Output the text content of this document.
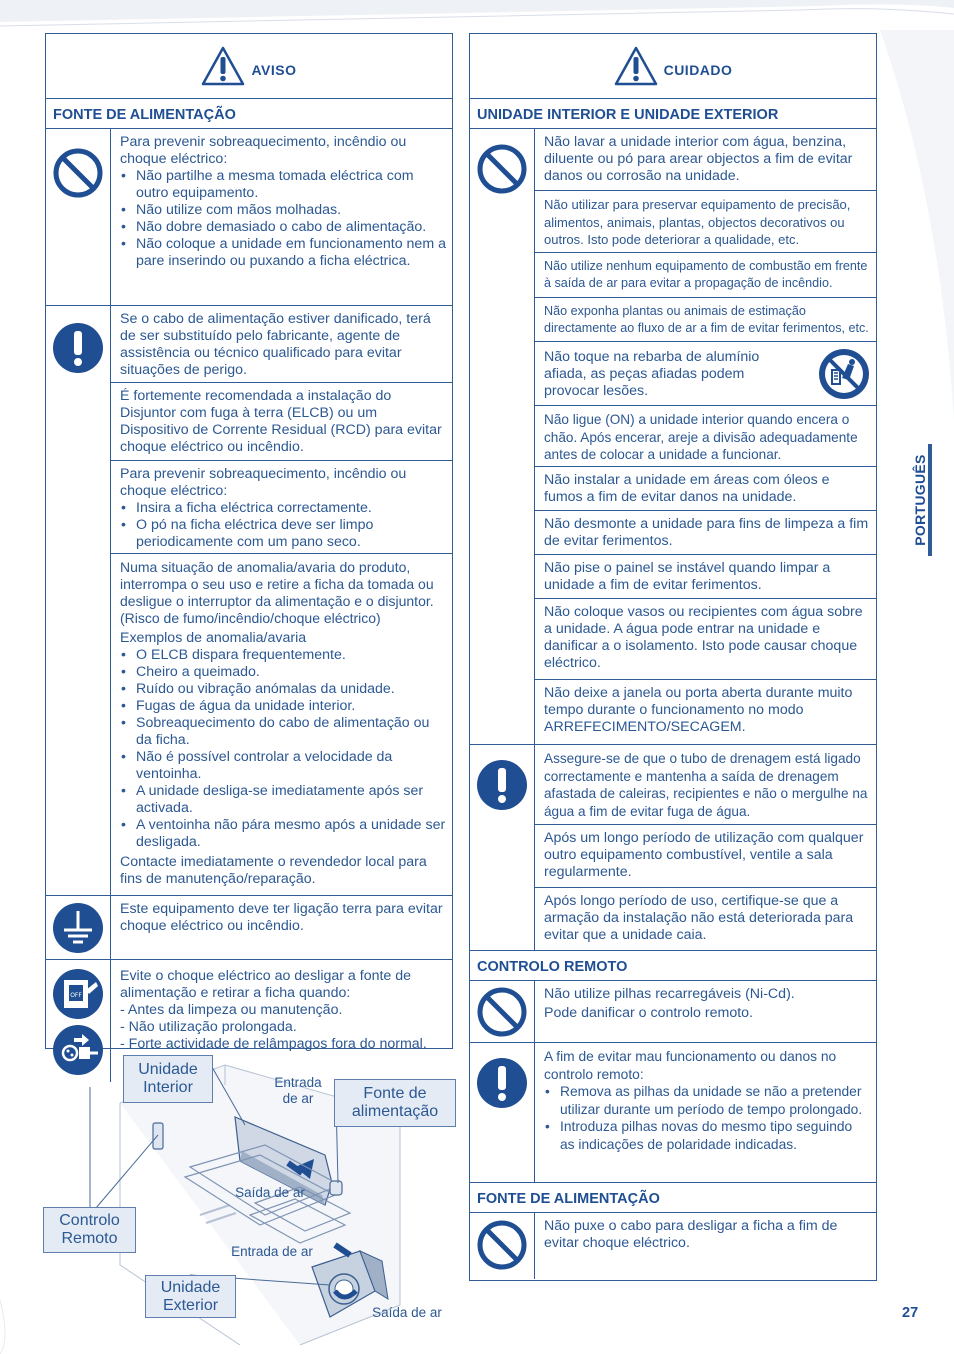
AVISO
FONTE DE ALIMENTAÇÃO

Para prevenir sobreaquecimento, incêndio ou choque eléctrico:

• Não partilhe a mesma tomada eléctrica com outro equipamento.
• Não utilize com mãos molhadas.
• Não dobre demasiado o cabo de alimentação.
• Não coloque a unidade em funcionamento nem a pare inserindo ou puxando a ficha eléctrica.

Se o cabo de alimentação estiver danificado, terá de ser substituído pelo fabricante, agente de assistência ou técnico qualificado para evitar situações de perigo.

É fortemente recomendada a instalação do Disjuntor com fuga à terra (ELCB) ou um Dispositivo de Corrente Residual (RCD) para evitar choque eléctrico ou incêndio.

Para prevenir sobreaquecimento, incêndio ou choque eléctrico:

• Insira a ficha eléctrica correctamente.
• O pó na ficha eléctrica deve ser limpo periodicamente com um pano seco.

Numa situação de anomalia/avaria do produto, interrompa o seu uso e retire a ficha da tomada ou desligue o interruptor da alimentação e o disjuntor. (Risco de fumo/incêndio/choque eléctrico)

Exemplos de anomalia/avaria

• O ELCB dispara frequentemente.
• Cheiro a queimado.
• Ruído ou vibração anómalas da unidade.
• Fugas de água da unidade interior.
• Sobreaquecimento do cabo de alimentação ou da ficha.
• Não é possível controlar a velocidade da ventoinha.
• A unidade desliga-se imediatamente após ser activada.
• A ventoinha não pára mesmo após a unidade ser desligada.

Contacte imediatamente o revendedor local para fins de manutenção/reparação.

Este equipamento deve ter ligação terra para evitar choque eléctrico ou incêndio.

OFF

Evite o choque eléctrico ao desligar a fonte de alimentação e retirar a ficha quando:

- Antes da limpeza ou manutenção.

- Não utilização prolongada.

- Forte actividade de relâmpagos fora do normal.

CUIDADO
UNIDADE INTERIOR E UNIDADE EXTERIOR

Não lavar a unidade interior com água, benzina, diluente ou pó para arear objectos a fim de evitar danos ou corrosão na unidade.

Não utilizar para preservar equipamento de precisão, alimentos, animais, plantas, objectos decorativos ou outros. Isto pode deteriorar a qualidade, etc.

Não utilize nenhum equipamento de combustão em frente à saída de ar para evitar a propagação de incêndio.

Não exponha plantas ou animais de estimação directamente ao fluxo de ar a fim de evitar ferimentos, etc.

Não toque na rebarba de alumínio afiada, as peças afiadas podem provocar lesões.

Não ligue (ON) a unidade interior quando encera o chão. Após encerar, areje a divisão adequadamente antes de colocar a unidade a funcionar.

Não instalar a unidade em áreas com óleos e fumos a fim de evitar danos na unidade.

Não desmonte a unidade para fins de limpeza a fim de evitar ferimentos.

Não pise o painel se instável quando limpar a unidade a fim de evitar ferimentos.

Não coloque vasos ou recipientes com água sobre a unidade. A água pode entrar na unidade e danificar a o isolamento. Isto pode causar choque eléctrico.

Não deixe a janela ou porta aberta durante muito tempo durante o funcionamento no modo ARREFECIMENTO/SECAGEM.

Assegure-se de que o tubo de drenagem está ligado correctamente e mantenha a saída de drenagem afastada de caleiras, recipientes e não o mergulhe na água a fim de evitar fuga de água.

Após um longo período de utilização com qualquer outro equipamento combustível, ventile a sala regularmente.

Após longo período de uso, certifique-se que a armação da instalação não está deteriorada para evitar que a unidade caia.

CONTROLO REMOTO

Não utilize pilhas recarregáveis (Ni-Cd).

Pode danificar o controlo remoto.

A fim de evitar mau funcionamento ou danos no controlo remoto:

• Remova as pilhas da unidade se não a pretender utilizar durante um período de tempo prolongado.
• Introduza pilhas novas do mesmo tipo seguindo as indicações de polaridade indicadas.
FONTE DE ALIMENTAÇÃO

Não puxe o cabo para desligar a ficha a fim de evitar choque eléctrico.

PORTUGUÊS
27
Unidade Interior	Fonte de alimentação
Controlo Remoto
Unidade Exterior
Entrada de ar
Saída de ar
Entrada de ar
Saída de ar
